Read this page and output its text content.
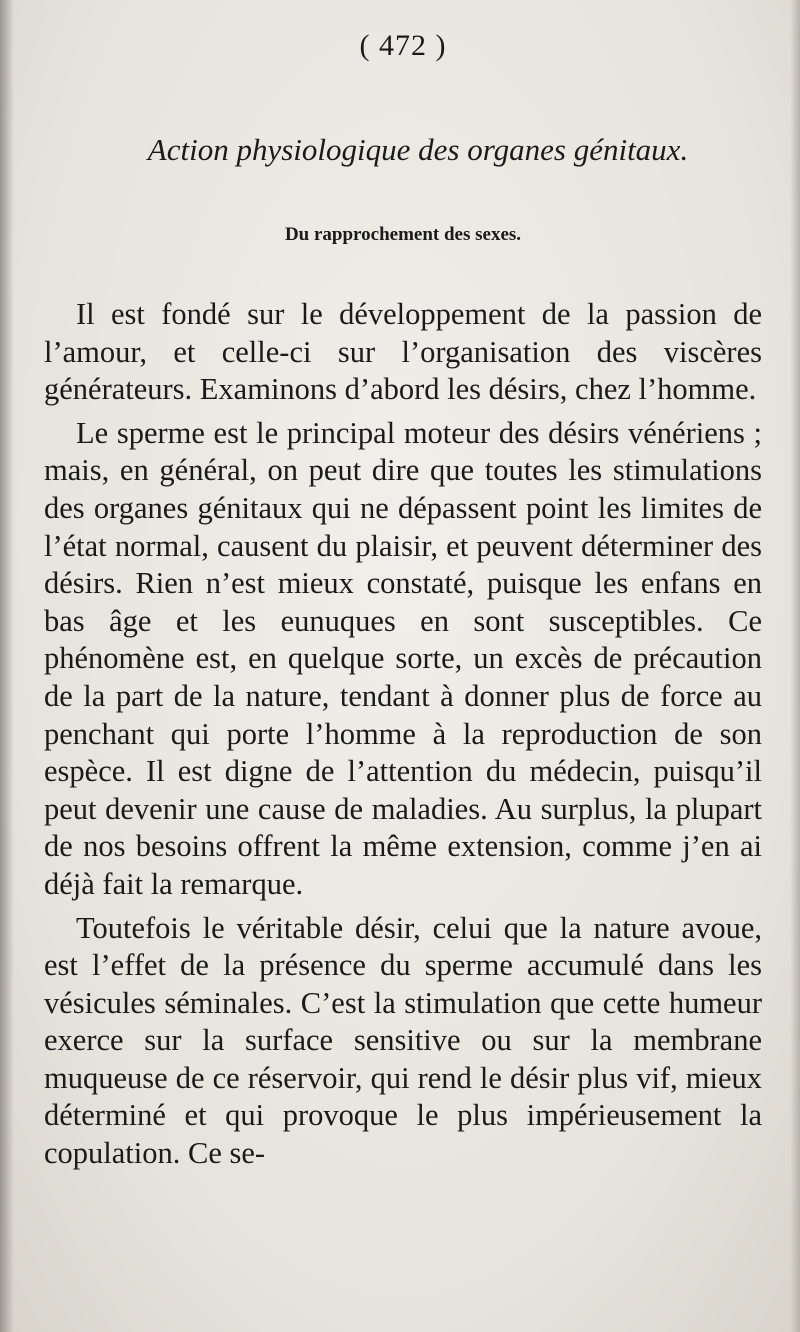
( 472 )
Action physiologique des organes génitaux.
Du rapprochement des sexes.

Il est fondé sur le développement de la passion de l’amour, et celle-ci sur l’organisation des viscères générateurs. Examinons d’abord les désirs, chez l’homme.

Le sperme est le principal moteur des désirs vénériens ; mais, en général, on peut dire que toutes les stimulations des organes génitaux qui ne dépassent point les limites de l’état normal, causent du plaisir, et peuvent déterminer des désirs. Rien n’est mieux constaté, puisque les enfans en bas âge et les eunuques en sont susceptibles. Ce phénomène est, en quelque sorte, un excès de précaution de la part de la nature, tendant à donner plus de force au penchant qui porte l’homme à la reproduction de son espèce. Il est digne de l’attention du médecin, puisqu’il peut devenir une cause de maladies. Au surplus, la plupart de nos besoins offrent la même extension, comme j’en ai déjà fait la remarque.

Toutefois le véritable désir, celui que la nature avoue, est l’effet de la présence du sperme accumulé dans les vésicules séminales. C’est la stimulation que cette humeur exerce sur la surface sensitive ou sur la membrane muqueuse de ce réservoir, qui rend le désir plus vif, mieux déterminé et qui provoque le plus impérieusement la copulation. Ce se-
